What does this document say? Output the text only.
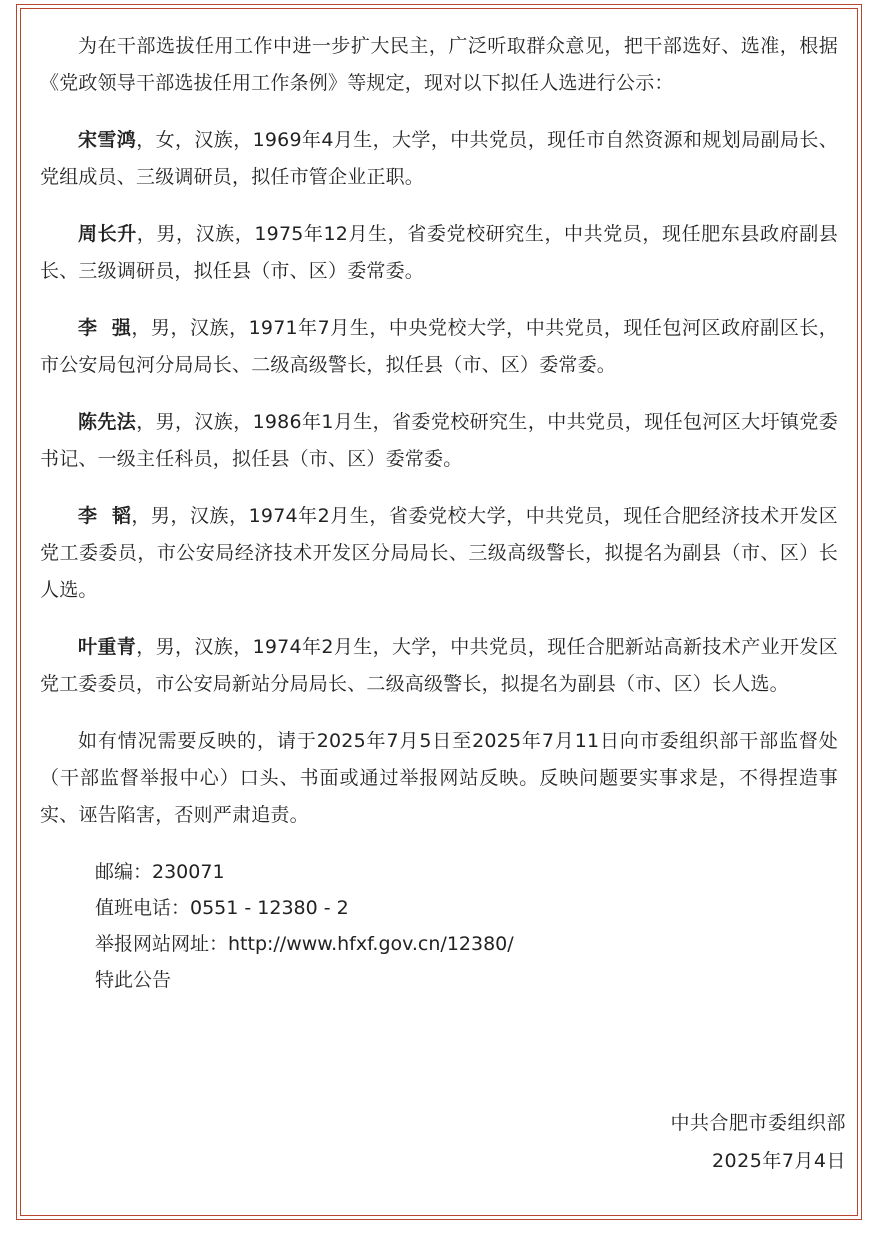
为在干部选拔任用工作中进一步扩大民主，广泛听取群众意见，把干部选好、选准，根据《党政领导干部选拔任用工作条例》等规定，现对以下拟任人选进行公示：

宋雪鸿，女，汉族，1969年4月生，大学，中共党员，现任市自然资源和规划局副局长、党组成员、三级调研员，拟任市管企业正职。

周长升，男，汉族，1975年12月生，省委党校研究生，中共党员，现任肥东县政府副县长、三级调研员，拟任县（市、区）委常委。

李  强，男，汉族，1971年7月生，中央党校大学，中共党员，现任包河区政府副区长，市公安局包河分局局长、二级高级警长，拟任县（市、区）委常委。

陈先法，男，汉族，1986年1月生，省委党校研究生，中共党员，现任包河区大圩镇党委书记、一级主任科员，拟任县（市、区）委常委。

李  韬，男，汉族，1974年2月生，省委党校大学，中共党员，现任合肥经济技术开发区党工委委员，市公安局经济技术开发区分局局长、三级高级警长，拟提名为副县（市、区）长人选。

叶重青，男，汉族，1974年2月生，大学，中共党员，现任合肥新站高新技术产业开发区党工委委员，市公安局新站分局局长、二级高级警长，拟提名为副县（市、区）长人选。

如有情况需要反映的，请于2025年7月5日至2025年7月11日向市委组织部干部监督处（干部监督举报中心）口头、书面或通过举报网站反映。反映问题要实事求是，不得捏造事实、诬告陷害，否则严肃追责。

邮编：230071
值班电话：0551 - 12380 - 2
举报网站网址：http://www.hfxf.gov.cn/12380/
特此公告
中共合肥市委组织部
2025年7月4日
